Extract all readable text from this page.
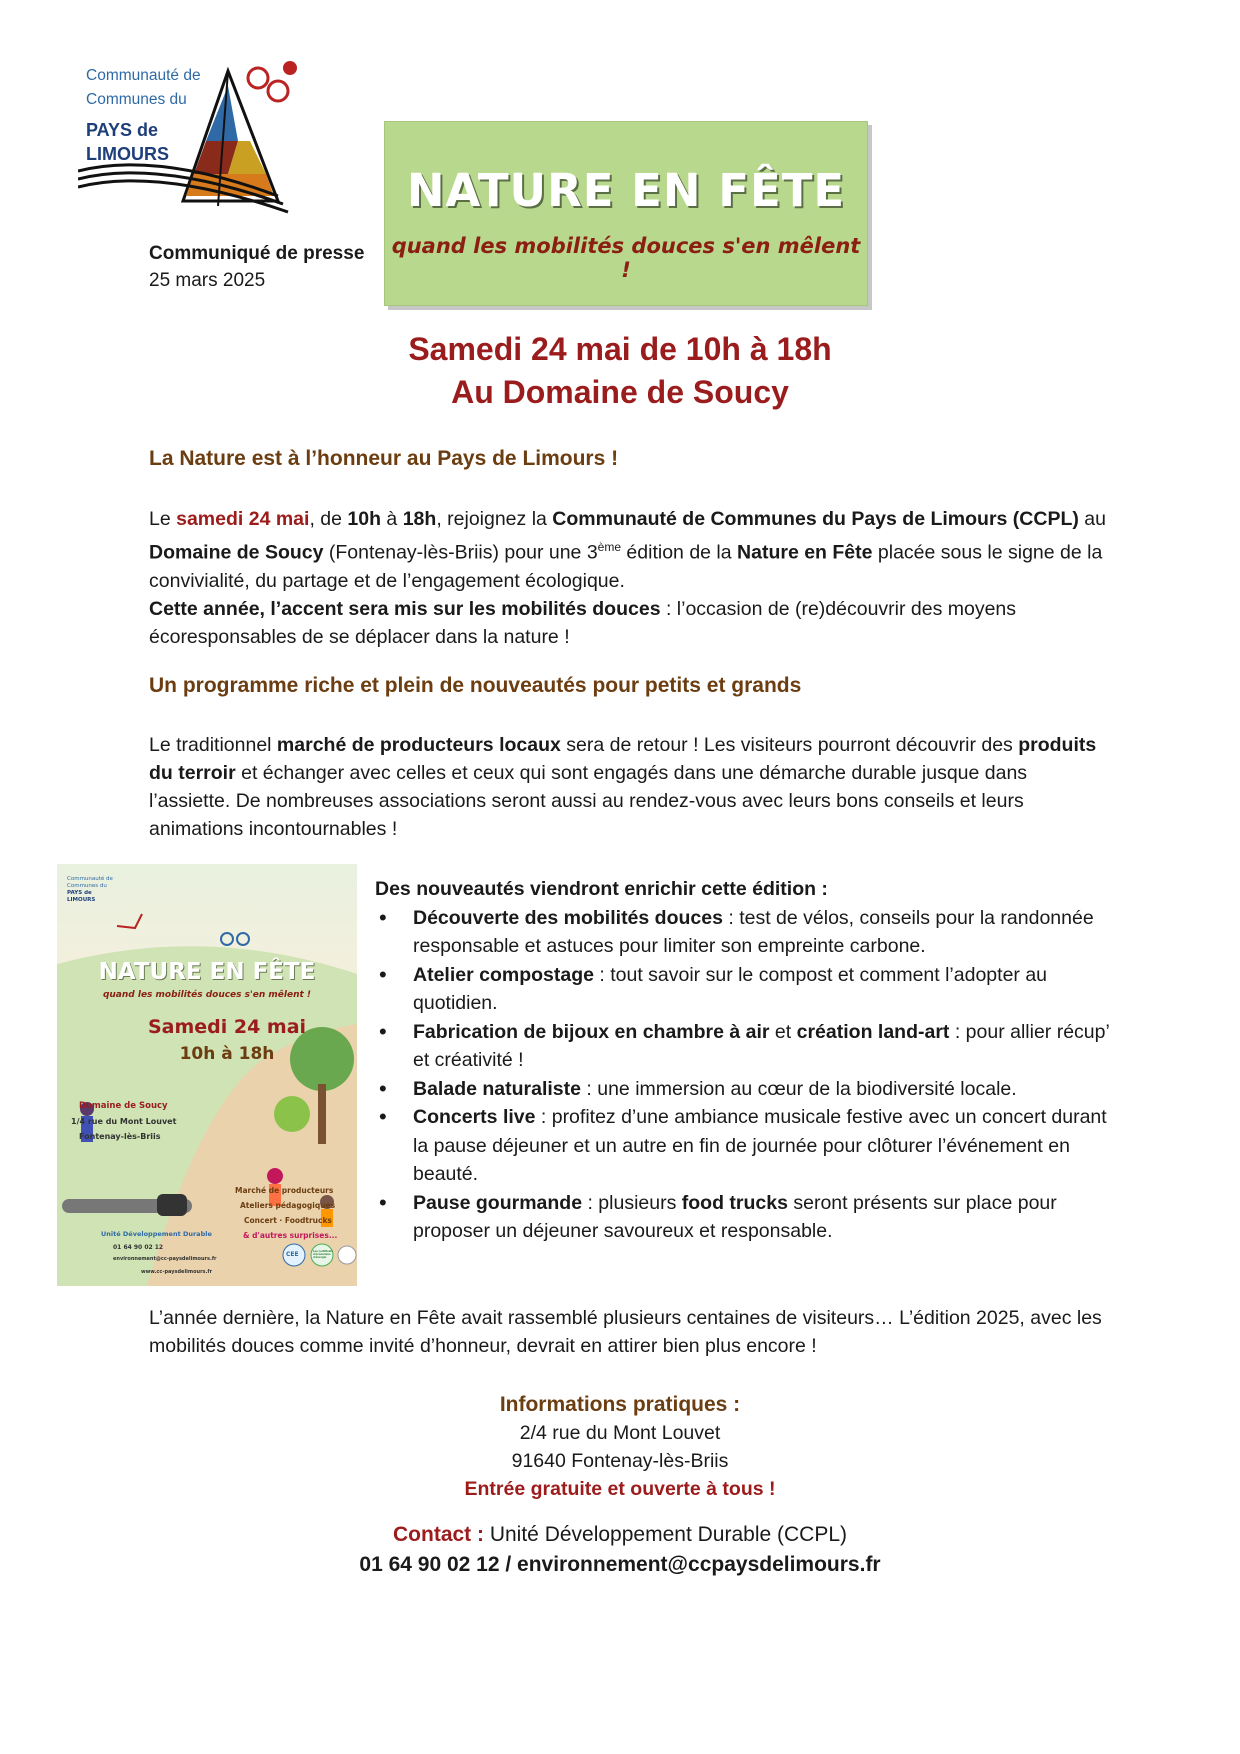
Communauté de
Communes du
PAYS de
LIMOURS
Communiqué de presse
25 mars 2025
NATURE EN FÊTE
quand les mobilités douces s'en mêlent !
Samedi 24 mai de 10h à 18h
Au Domaine de Soucy
La Nature est à l’honneur au Pays de Limours !
Le samedi 24 mai, de 10h à 18h, rejoignez la Communauté de Communes du Pays de Limours (CCPL) au Domaine de Soucy (Fontenay-lès-Briis) pour une 3ème édition de la Nature en Fête placée sous le signe de la convivialité, du partage et de l’engagement écologique.
Cette année, l’accent sera mis sur les mobilités douces : l’occasion de (re)découvrir des moyens écoresponsables de se déplacer dans la nature !
Un programme riche et plein de nouveautés pour petits et grands
Le traditionnel marché de producteurs locaux sera de retour ! Les visiteurs pourront découvrir des produits du terroir et échanger avec celles et ceux qui sont engagés dans une démarche durable jusque dans l’assiette. De nombreuses associations seront aussi au rendez-vous avec leurs bons conseils et leurs animations incontournables !
Communauté de
Communes du
PAYS de
LIMOURS
NATURE EN FÊTE
quand les mobilités douces s'en mêlent !
Samedi 24 mai
10h à 18h
Domaine de Soucy
1/4 rue du Mont Louvet
Fontenay-lès-Briis
Marché de producteurs
Ateliers pédagogiques
Concert · Foodtrucks
& d'autres surprises...
Unité Développement Durable
01 64 90 02 12
environnement@cc-paysdelimours.fr
www.cc-paysdelimours.fr
CEE	Les certificats d'économies d'énergie
Des nouveautés viendront enrichir cette édition :
• Découverte des mobilités douces : test de vélos, conseils pour la randonnée responsable et astuces pour limiter son empreinte carbone.
• Atelier compostage : tout savoir sur le compost et comment l’adopter au quotidien.
• Fabrication de bijoux en chambre à air et création land-art : pour allier récup’ et créativité !
• Balade naturaliste : une immersion au cœur de la biodiversité locale.
• Concerts live : profitez d’une ambiance musicale festive avec un concert durant la pause déjeuner et un autre en fin de journée pour clôturer l’événement en beauté.
• Pause gourmande : plusieurs food trucks seront présents sur place pour proposer un déjeuner savoureux et responsable.
L’année dernière, la Nature en Fête avait rassemblé plusieurs centaines de visiteurs… L’édition 2025, avec les mobilités douces comme invité d’honneur, devrait en attirer bien plus encore !
Informations pratiques :
2/4 rue du Mont Louvet
91640 Fontenay-lès-Briis
Entrée gratuite et ouverte à tous !
Contact : Unité Développement Durable (CCPL)
01 64 90 02 12 / environnement@ccpaysdelimours.fr
